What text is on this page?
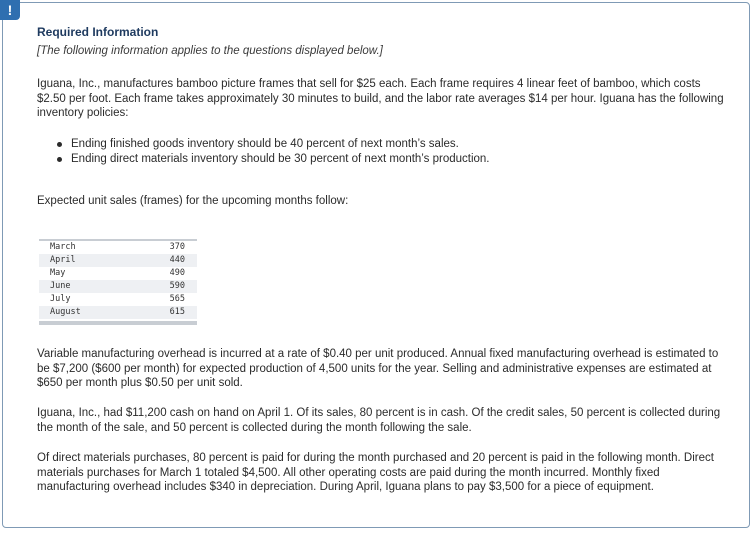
!
Required Information
[The following information applies to the questions displayed below.]

Iguana, Inc., manufactures bamboo picture frames that sell for $25 each. Each frame requires 4 linear feet of bamboo, which costs $2.50 per foot. Each frame takes approximately 30 minutes to build, and the labor rate averages $14 per hour. Iguana has the following inventory policies:

Ending finished goods inventory should be 40 percent of next month’s sales.
Ending direct materials inventory should be 30 percent of next month’s production.
Expected unit sales (frames) for the upcoming months follow:
March	370
April	440
May	490
June	590
July	565
August	615

Variable manufacturing overhead is incurred at a rate of $0.40 per unit produced. Annual fixed manufacturing overhead is estimated to be $7,200 ($600 per month) for expected production of 4,500 units for the year. Selling and administrative expenses are estimated at $650 per month plus $0.50 per unit sold.

Iguana, Inc., had $11,200 cash on hand on April 1. Of its sales, 80 percent is in cash. Of the credit sales, 50 percent is collected during the month of the sale, and 50 percent is collected during the month following the sale.

Of direct materials purchases, 80 percent is paid for during the month purchased and 20 percent is paid in the following month. Direct materials purchases for March 1 totaled $4,500. All other operating costs are paid during the month incurred. Monthly fixed manufacturing overhead includes $340 in depreciation. During April, Iguana plans to pay $3,500 for a piece of equipment.
